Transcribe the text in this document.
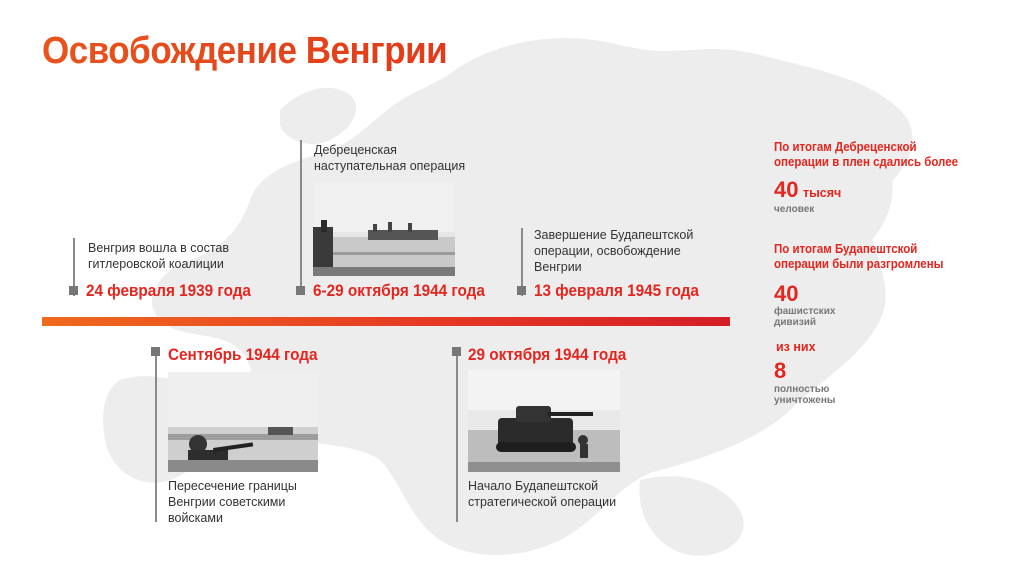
Освобождение Венгрии
Венгрия вошла в состав
гитлеровской коалиции
24 февраля 1939 года
Дебреценская
наступательная операция
6-29 октября 1944 года
Завершение Будапештской
операции, освобождение
Венгрии
13 февраля 1945 года
Сентябрь 1944 года
Пересечение границы
Венгрии советскими
войсками
29 октября 1944 года
Начало Будапештской
стратегической операции
По итогам Дебреценской
операции в плен сдались более
40 тысяч
человек
По итогам Будапештской
операции были разгромлены
40
фашистских
дивизий
из них
8
полностью
уничтожены
